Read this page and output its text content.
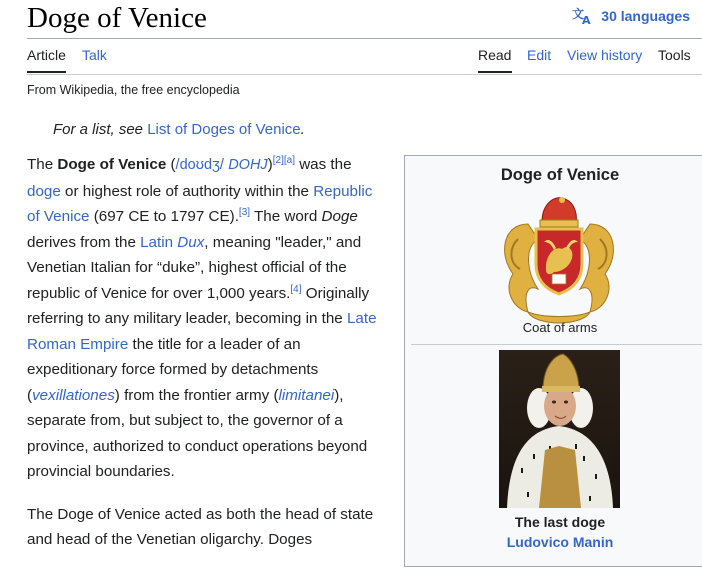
Doge of Venice	文
A 30 languages
Article Talk	Read Edit View history Tools
From Wikipedia, the free encyclopedia
For a list, see List of Doges of Venice.

The Doge of Venice (/doʊdʒ/ DOHJ)[2][a] was the doge or highest role of authority within the Republic of Venice (697 CE to 1797 CE).[3] The word Doge derives from the Latin Dux, meaning "leader," and Venetian Italian for “duke”, highest official of the republic of Venice for over 1,000 years.[4] Originally referring to any military leader, becoming in the Late Roman Empire the title for a leader of an expeditionary force formed by detachments (vexillationes) from the frontier army (limitanei), separate from, but subject to, the governor of a province, authorized to conduct operations beyond provincial boundaries.

The Doge of Venice acted as both the head of state and head of the Venetian oligarchy. Doges

Doge of Venice
Coat of arms
The last doge
Ludovico Manin
